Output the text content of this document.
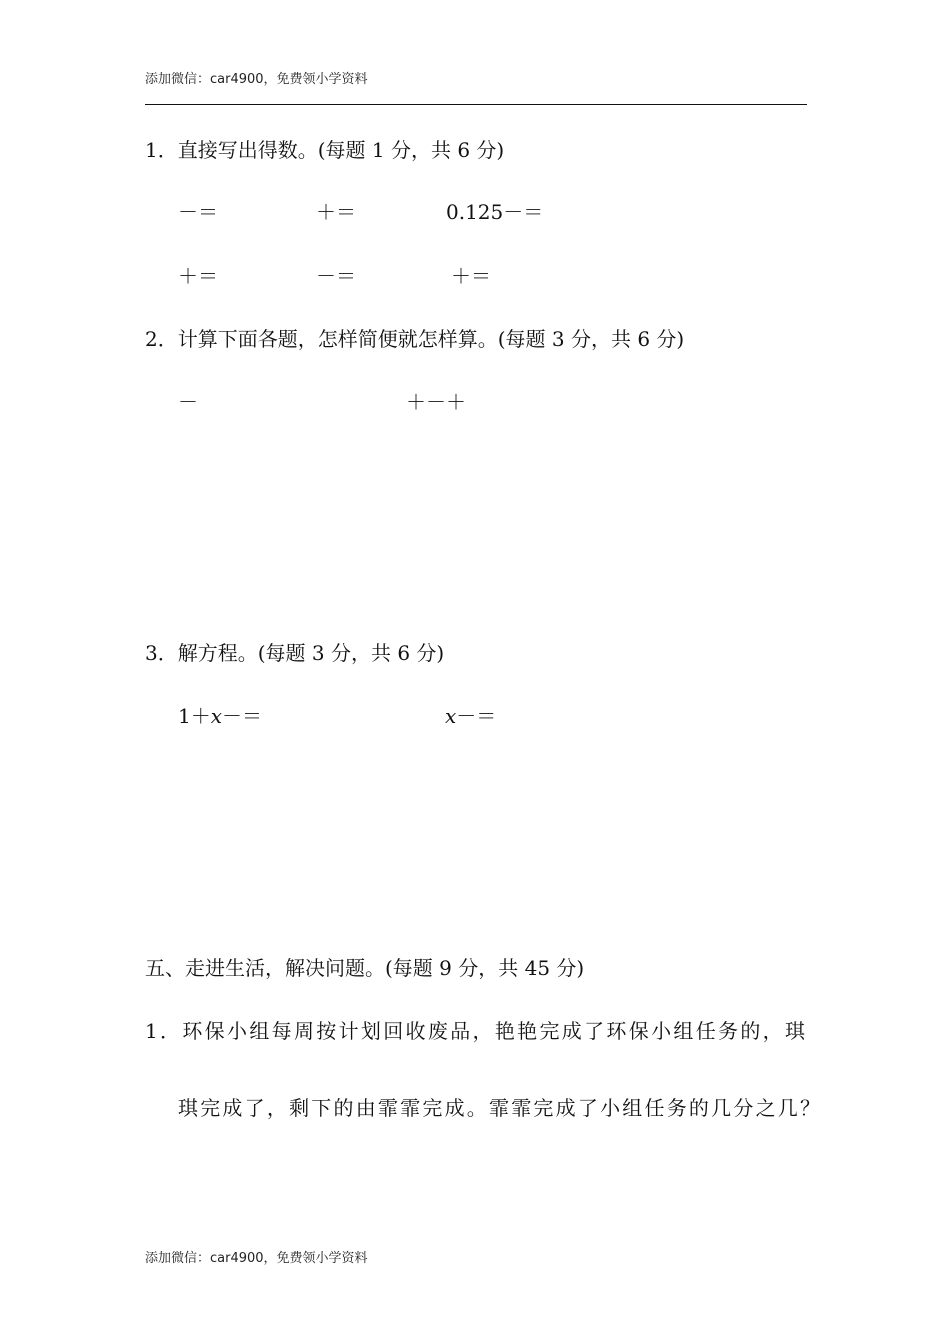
添加微信：car4900，免费领小学资料
1．直接写出得数。(每题 1 分，共 6 分)
－＝	＋＝	0.125－＝
＋＝	－＝	＋＝
2．计算下面各题，怎样简便就怎样算。(每题 3 分，共 6 分)
－	＋－＋
3．解方程。(每题 3 分，共 6 分)
1＋x－＝	x－＝
五、走进生活，解决问题。(每题 9 分，共 45 分)
1．环保小组每周按计划回收废品，艳艳完成了环保小组任务的，琪
琪完成了，剩下的由霏霏完成。霏霏完成了小组任务的几分之几？
添加微信：car4900，免费领小学资料
